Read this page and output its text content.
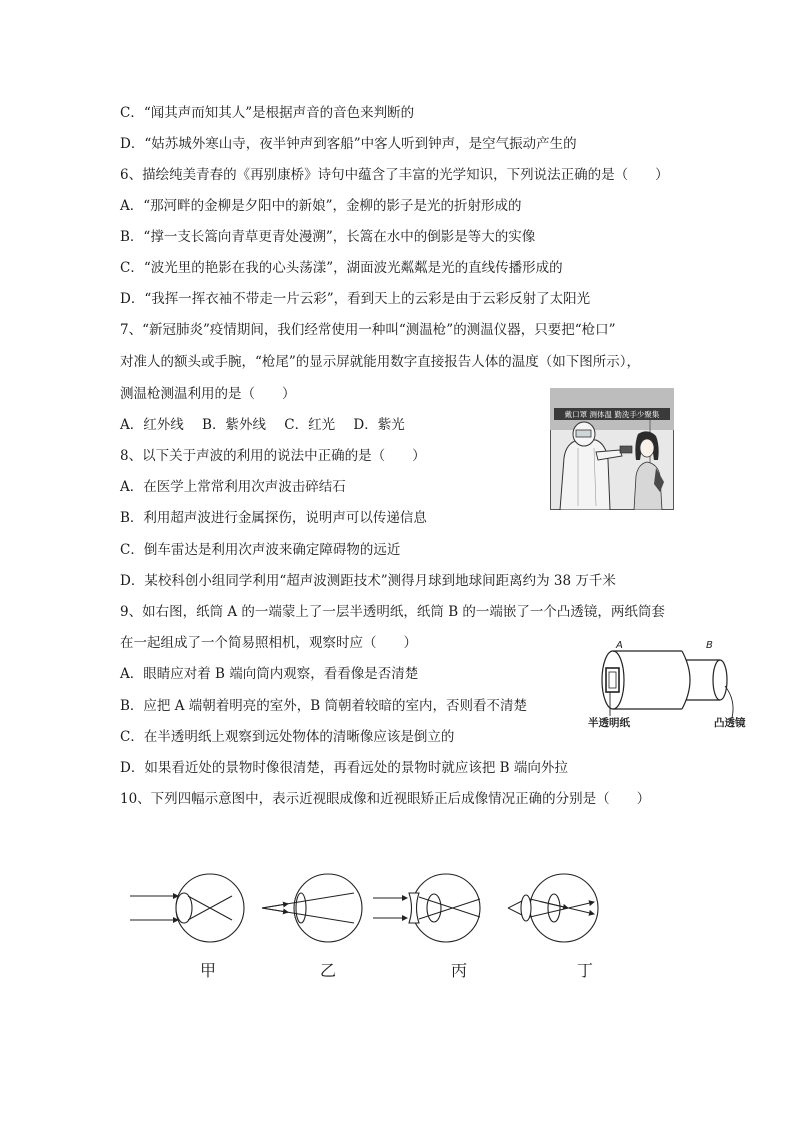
C．“闻其声而知其人”是根据声音的音色来判断的
D．“姑苏城外寒山寺，夜半钟声到客船”中客人听到钟声，是空气振动产生的
6、描绘纯美青春的《再别康桥》诗句中蕴含了丰富的光学知识，下列说法正确的是（　　）
A．“那河畔的金柳是夕阳中的新娘”，金柳的影子是光的折射形成的
B．“撑一支长篙向青草更青处漫溯”，长篙在水中的倒影是等大的实像
C．“波光里的艳影在我的心头荡漾”，湖面波光粼粼是光的直线传播形成的
D．“我挥一挥衣袖不带走一片云彩”，看到天上的云彩是由于云彩反射了太阳光
7、“新冠肺炎”疫情期间，我们经常使用一种叫“测温枪”的测温仪器，只要把“枪口”
对准人的额头或手腕，“枪尾”的显示屏就能用数字直接报告人体的温度（如下图所示），
测温枪测温利用的是（　　）
A．红外线 B．紫外线 C．红光 D．紫光
8、以下关于声波的利用的说法中正确的是（　　）
A．在医学上常常利用次声波击碎结石
B．利用超声波进行金属探伤，说明声可以传递信息
C．倒车雷达是利用次声波来确定障碍物的远近
D．某校科创小组同学利用“超声波测距技术”测得月球到地球间距离约为 38 万千米
9、如右图，纸筒 A 的一端蒙上了一层半透明纸，纸筒 B 的一端嵌了一个凸透镜，两纸筒套
在一起组成了一个简易照相机，观察时应（　　）
A．眼睛应对着 B 端向筒内观察，看看像是否清楚
B．应把 A 端朝着明亮的室外，B 筒朝着较暗的室内，否则看不清楚
C．在半透明纸上观察到远处物体的清晰像应该是倒立的
D．如果看近处的景物时像很清楚，再看远处的景物时就应该把 B 端向外拉
10、下列四幅示意图中，表示近视眼成像和近视眼矫正后成像情况正确的分别是（　　）
戴口罩 测体温 勤洗手少聚集
A	B
半透明纸	凸透镜
甲	乙	丙	丁
